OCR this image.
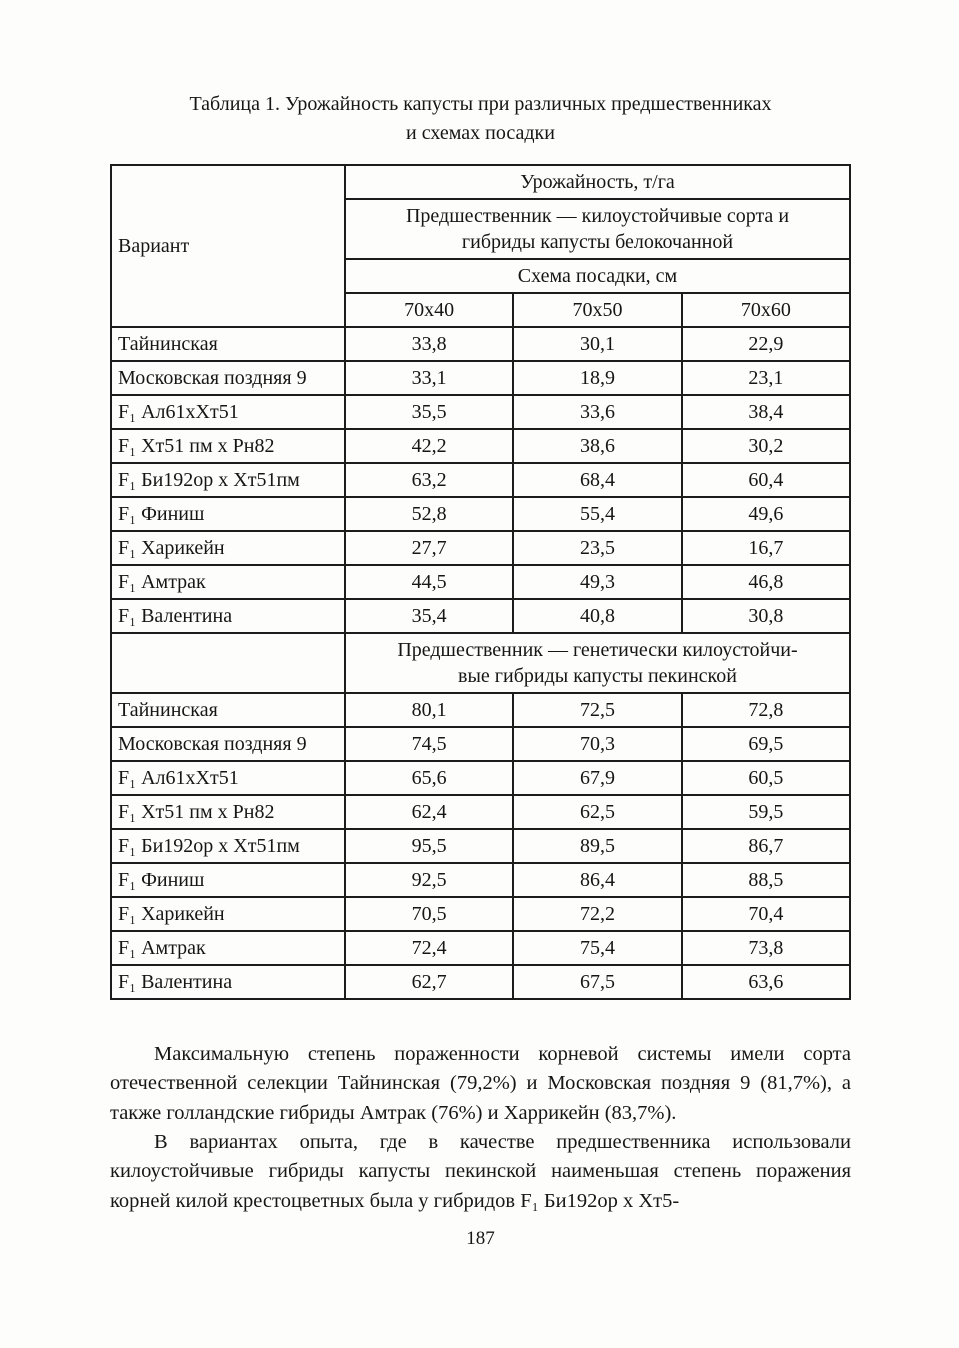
Таблица 1. Урожайность капусты при различных предшественниках
и схемах посадки
Вариант	Урожайность, т/га		
	Предшественник — килоустойчивые сорта и
гибриды капусты белокочанной		
	Схема посадки, см		
	70х40	70х50	70х60
Тайнинская	33,8	30,1	22,9
Московская поздняя 9	33,1	18,9	23,1
F₁ Ал61хХт51	35,5	33,6	38,4
F₁ Хт51 пм х Рн82	42,2	38,6	30,2
F₁ Би192ор х Хт51пм	63,2	68,4	60,4
F₁ Финиш	52,8	55,4	49,6
F₁ Харикейн	27,7	23,5	16,7
F₁ Амтрак	44,5	49,3	46,8
F₁ Валентина	35,4	40,8	30,8
	Предшественник — генетически килоустойчи-
вые гибриды капусты пекинской		
Тайнинская	80,1	72,5	72,8
Московская поздняя 9	74,5	70,3	69,5
F₁ Ал61хХт51	65,6	67,9	60,5
F₁ Хт51 пм х Рн82	62,4	62,5	59,5
F₁ Би192ор х Хт51пм	95,5	89,5	86,7
F₁ Финиш	92,5	86,4	88,5
F₁ Харикейн	70,5	72,2	70,4
F₁ Амтрак	72,4	75,4	73,8
F₁ Валентина	62,7	67,5	63,6

Максимальную степень пораженности корневой системы имели сорта отечественной селекции Тайнинская (79,2%) и Московская поздняя 9 (81,7%), а также голландские гибриды Амтрак (76%) и Харрикейн (83,7%).

В вариантах опыта, где в качестве предшественника использовали килоустойчивые гибриды капусты пекинской наименьшая степень поражения корней килой крестоцветных была у гибридов F₁ Би192ор х Хт5-

187
